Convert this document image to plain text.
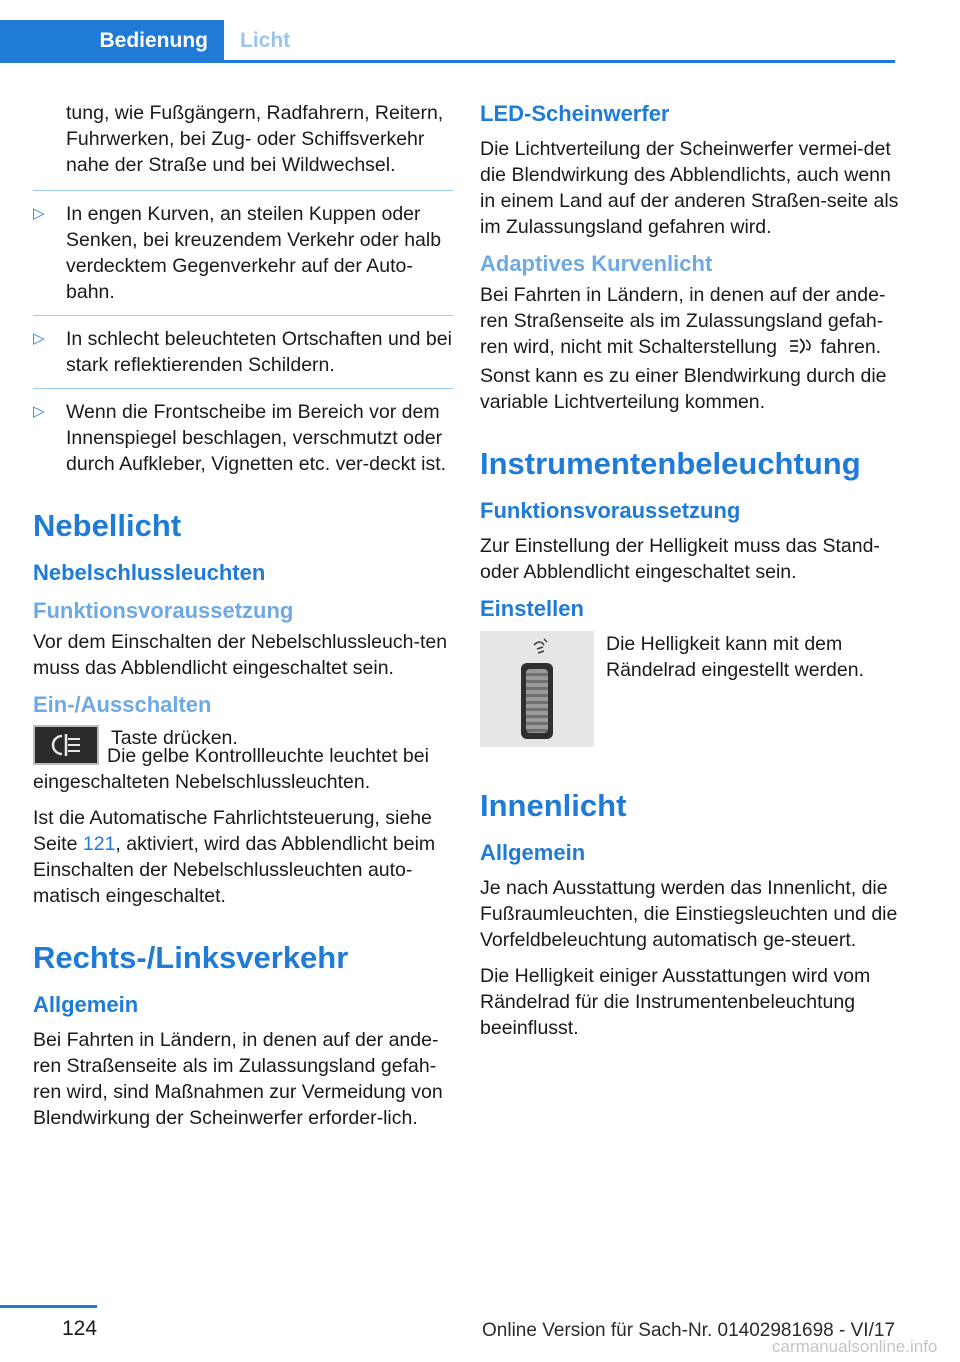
Bedienung	Licht

tung, wie Fußgängern, Radfahrern, Reitern, Fuhrwerken, bei Zug- oder Schiffsverkehr nahe der Straße und bei Wildwechsel.

▷ In engen Kurven, an steilen Kuppen oder Senken, bei kreuzendem Verkehr oder halb verdecktem Gegenverkehr auf der Auto-bahn.
▷ In schlecht beleuchteten Ortschaften und bei stark reflektierenden Schildern.
▷ Wenn die Frontscheibe im Bereich vor dem Innenspiegel beschlagen, verschmutzt oder durch Aufkleber, Vignetten etc. ver-deckt ist.
Nebellicht
Nebelschlussleuchten
Funktionsvoraussetzung

Vor dem Einschalten der Nebelschlussleuch-ten muss das Abblendlicht eingeschaltet sein.

Ein-/Ausschalten

Taste drücken.

Die gelbe Kontrollleuchte leuchtet bei eingeschalteten Nebelschlussleuchten.

Ist die Automatische Fahrlichtsteuerung, siehe Seite 121, aktiviert, wird das Abblendlicht beim Einschalten der Nebelschlussleuchten auto-matisch eingeschaltet.

Rechts-/Linksverkehr
Allgemein

Bei Fahrten in Ländern, in denen auf der ande-ren Straßenseite als im Zulassungsland gefah-ren wird, sind Maßnahmen zur Vermeidung von Blendwirkung der Scheinwerfer erforder-lich.

LED-Scheinwerfer

Die Lichtverteilung der Scheinwerfer vermei-det die Blendwirkung des Abblendlichts, auch wenn in einem Land auf der anderen Straßen-seite als im Zulassungsland gefahren wird.

Adaptives Kurvenlicht

Bei Fahrten in Ländern, in denen auf der ande-ren Straßenseite als im Zulassungsland gefah-ren wird, nicht mit Schalterstellung fahren. Sonst kann es zu einer Blendwirkung durch die variable Lichtverteilung kommen.

Instrumentenbeleuchtung
Funktionsvoraussetzung

Zur Einstellung der Helligkeit muss das Stand- oder Abblendlicht eingeschaltet sein.

Einstellen

Die Helligkeit kann mit dem Rändelrad eingestellt werden.

Innenlicht
Allgemein

Je nach Ausstattung werden das Innenlicht, die Fußraumleuchten, die Einstiegsleuchten und die Vorfeldbeleuchtung automatisch ge-steuert.

Die Helligkeit einiger Ausstattungen wird vom Rändelrad für die Instrumentenbeleuchtung beeinflusst.

124	Online Version für Sach-Nr. 01402981698 - VI/17
carmanualsonline.info
